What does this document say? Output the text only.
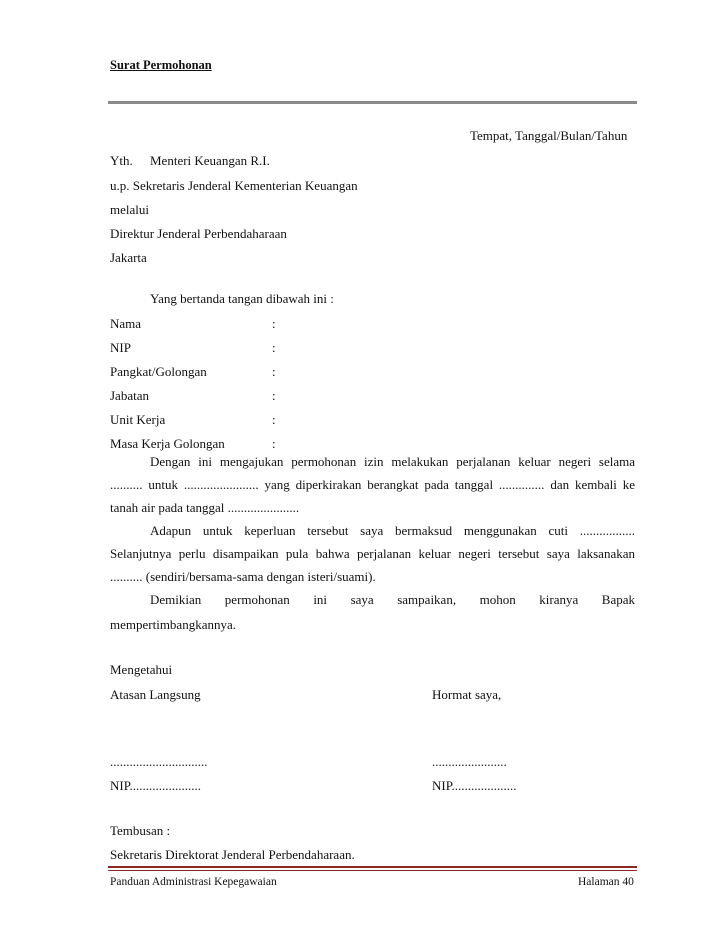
Surat Permohonan
Tempat, Tanggal/Bulan/Tahun
Yth. Menteri Keuangan R.I.
u.p. Sekretaris Jenderal Kementerian Keuangan
melalui
Direktur Jenderal Perbendaharaan
Jakarta
Yang bertanda tangan dibawah ini :
Nama	:
NIP	:
Pangkat/Golongan	:
Jabatan	:
Unit Kerja	:
Masa Kerja Golongan	:
Dengan ini mengajukan permohonan izin melakukan perjalanan keluar negeri selama
.......... untuk ....................... yang diperkirakan berangkat pada tanggal .............. dan kembali ke
tanah air pada tanggal ......................
Adapun untuk keperluan tersebut saya bermaksud menggunakan cuti .................
Selanjutnya perlu disampaikan pula bahwa perjalanan keluar negeri tersebut saya laksanakan
.......... (sendiri/bersama-sama dengan isteri/suami).
Demikian permohonan ini saya sampaikan, mohon kiranya Bapak
mempertimbangkannya.
Mengetahui
Atasan Langsung	Hormat saya,
..............................	.......................
NIP......................	NIP....................
Tembusan :
Sekretaris Direktorat Jenderal Perbendaharaan.
Panduan Administrasi Kepegawaian	Halaman 40
